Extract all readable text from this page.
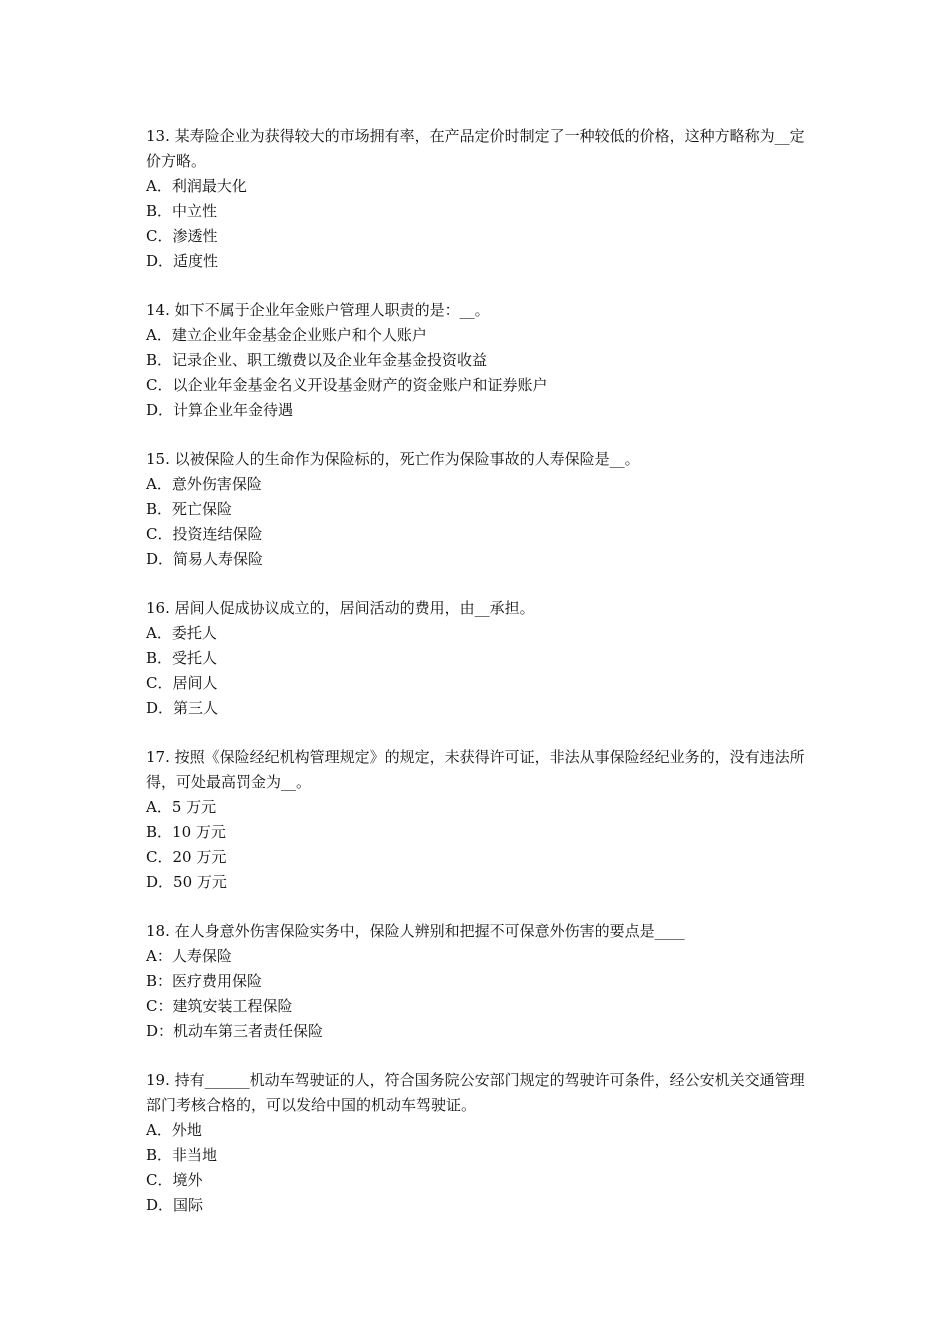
13. 某寿险企业为获得较大的市场拥有率，在产品定价时制定了一种较低的价格，这种方略称为__定价方略。

A．利润最大化

B．中立性

C．渗透性

D．适度性

14. 如下不属于企业年金账户管理人职责的是：__。

A．建立企业年金基金企业账户和个人账户

B．记录企业、职工缴费以及企业年金基金投资收益

C．以企业年金基金名义开设基金财产的资金账户和证券账户

D．计算企业年金待遇

15. 以被保险人的生命作为保险标的，死亡作为保险事故的人寿保险是__。

A．意外伤害保险

B．死亡保险

C．投资连结保险

D．简易人寿保险

16. 居间人促成协议成立的，居间活动的费用，由__承担。

A．委托人

B．受托人

C．居间人

D．第三人

17. 按照《保险经纪机构管理规定》的规定，未获得许可证，非法从事保险经纪业务的，没有违法所得，可处最高罚金为__。

A．5 万元

B．10 万元

C．20 万元

D．50 万元

18. 在人身意外伤害保险实务中，保险人辨别和把握不可保意外伤害的要点是____

A：人寿保险

B：医疗费用保险

C：建筑安装工程保险

D：机动车第三者责任保险

19. 持有______机动车驾驶证的人，符合国务院公安部门规定的驾驶许可条件，经公安机关交通管理部门考核合格的，可以发给中国的机动车驾驶证。

A．外地

B．非当地

C．境外

D．国际
